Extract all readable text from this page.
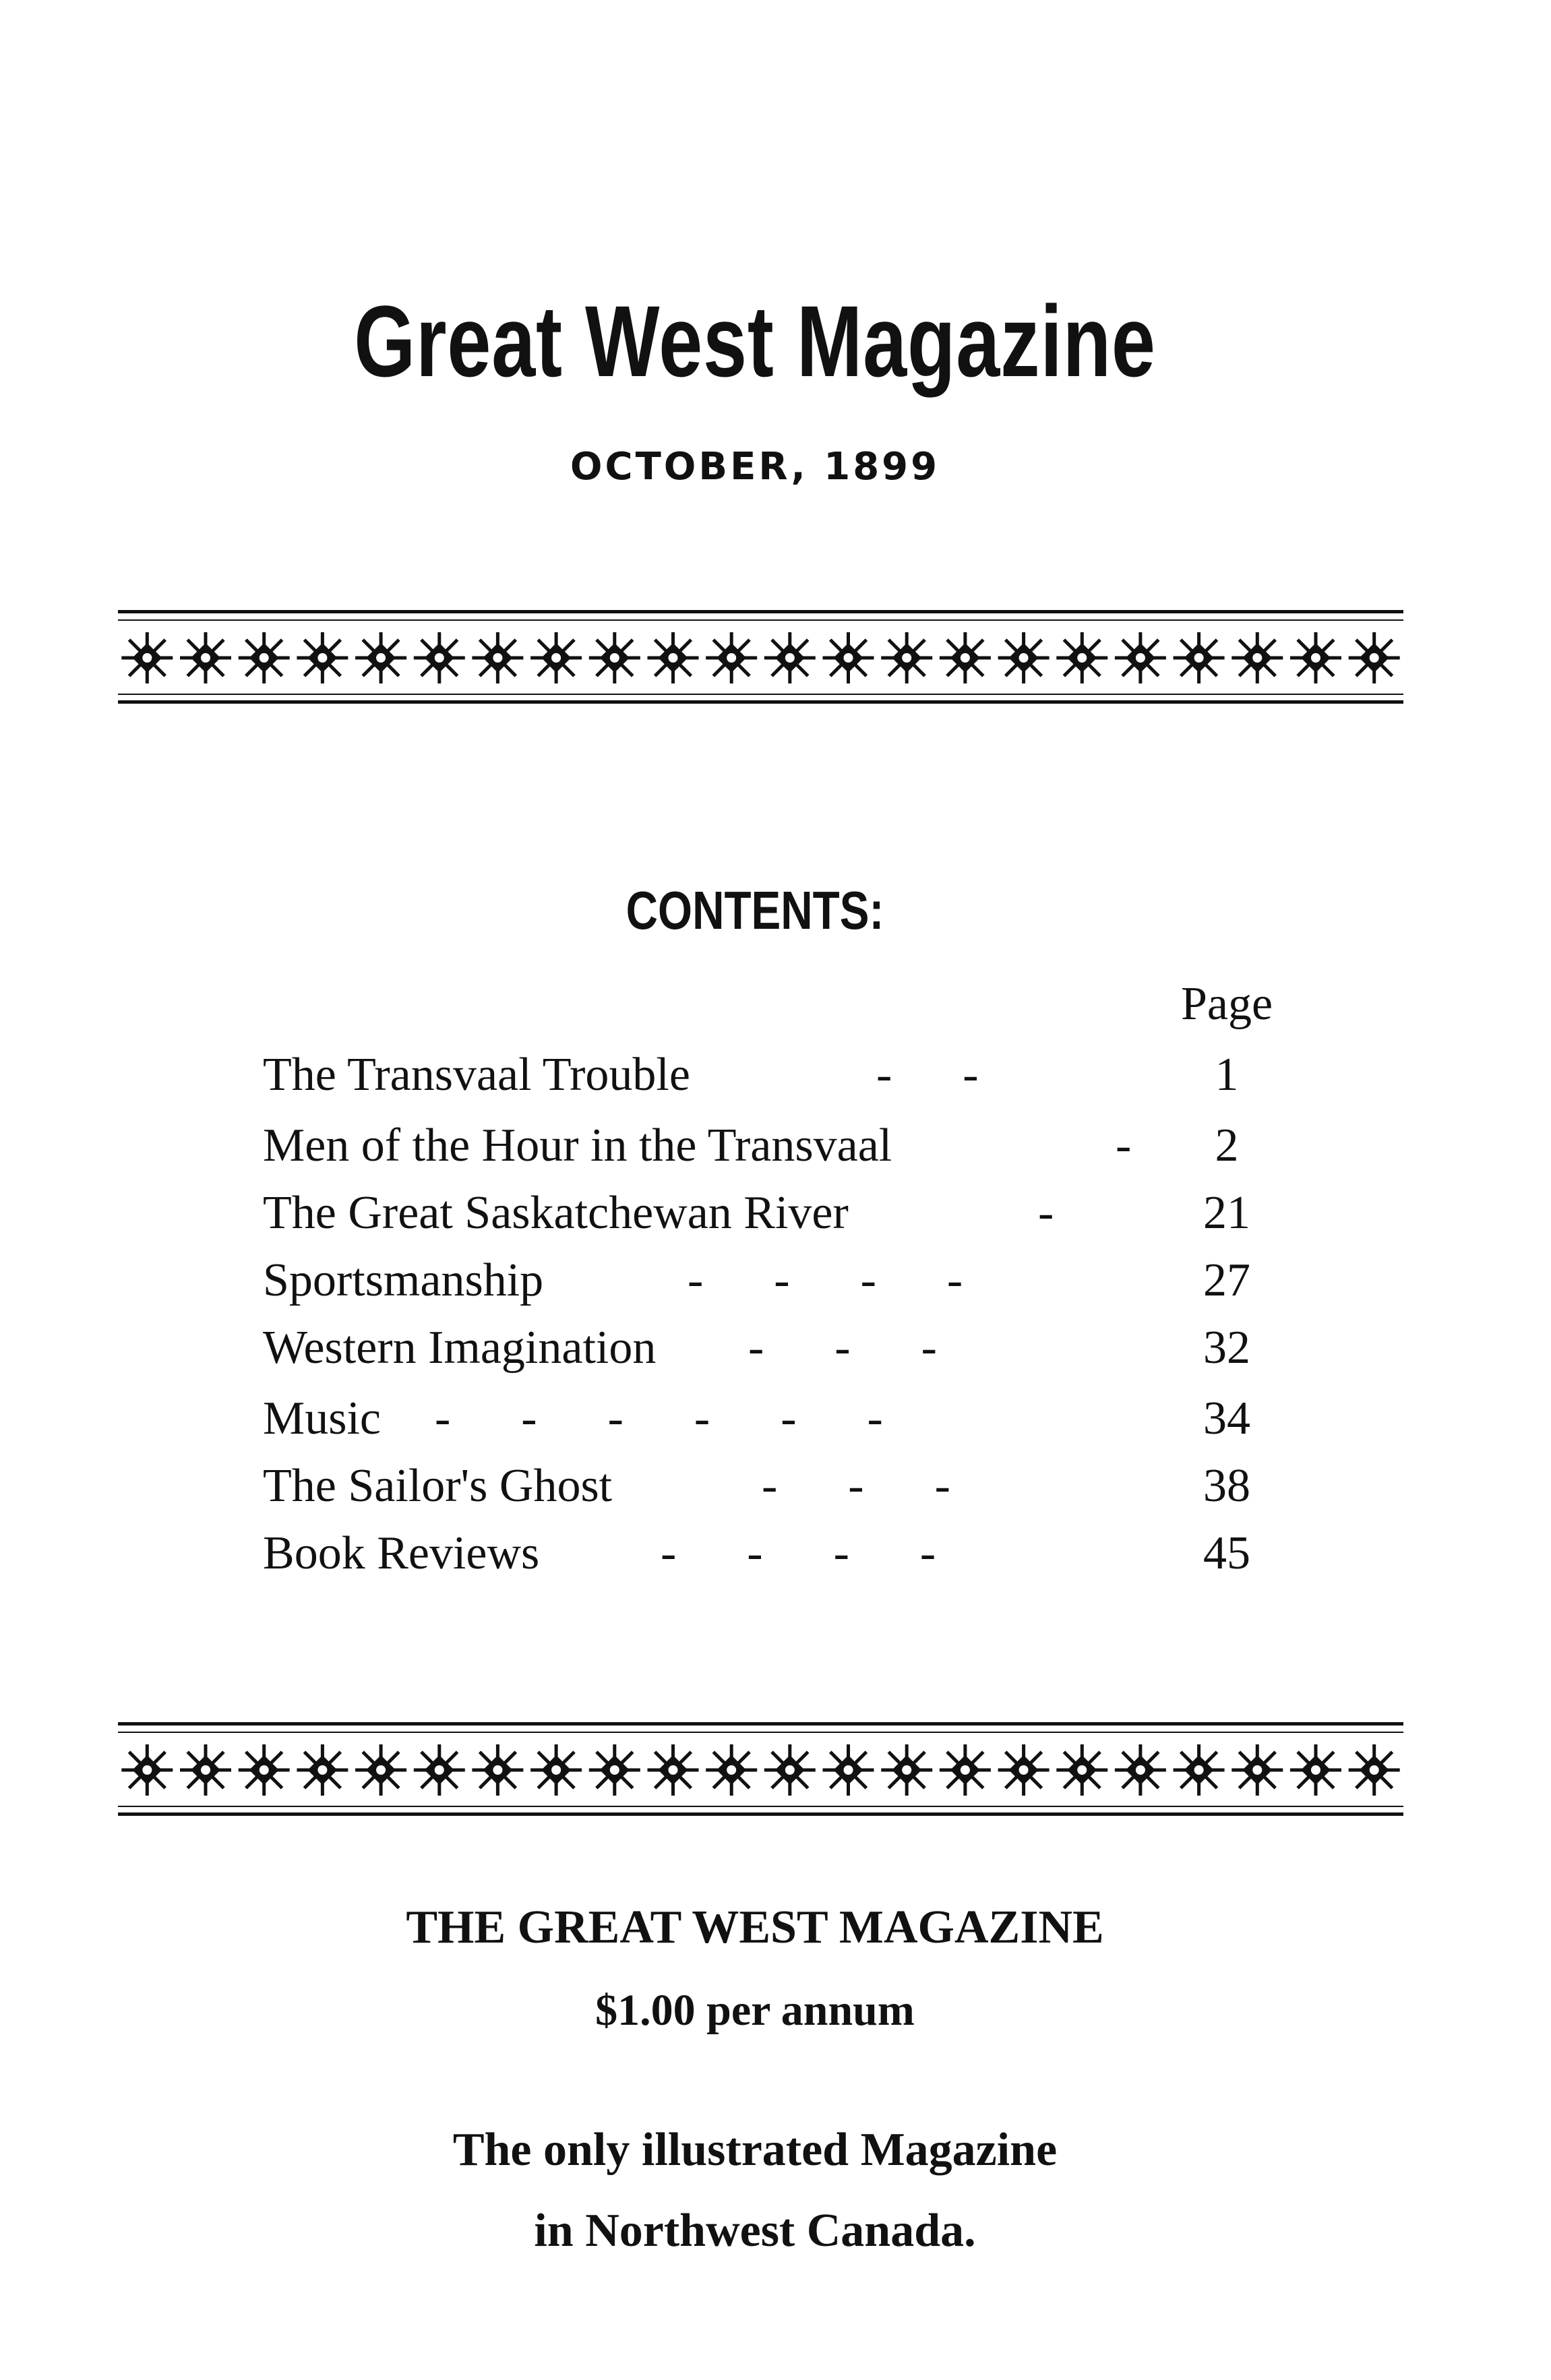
Great West Magazine
OCTOBER, 1899
CONTENTS:
Page
The Transvaal Trouble	-      -	1
Men of the Hour in the Transvaal	-	2
The Great Saskatchewan River	-	21
Sportsmanship	-      -      -      -	27
Western Imagination -      -      -	32
Music -      -      -      -      -      -	34
The Sailor's Ghost	-      -      -	38
Book Reviews	-      -      -      -	45
THE GREAT WEST MAGAZINE
$1.00 per annum
The only illustrated Magazine
in Northwest Canada.
